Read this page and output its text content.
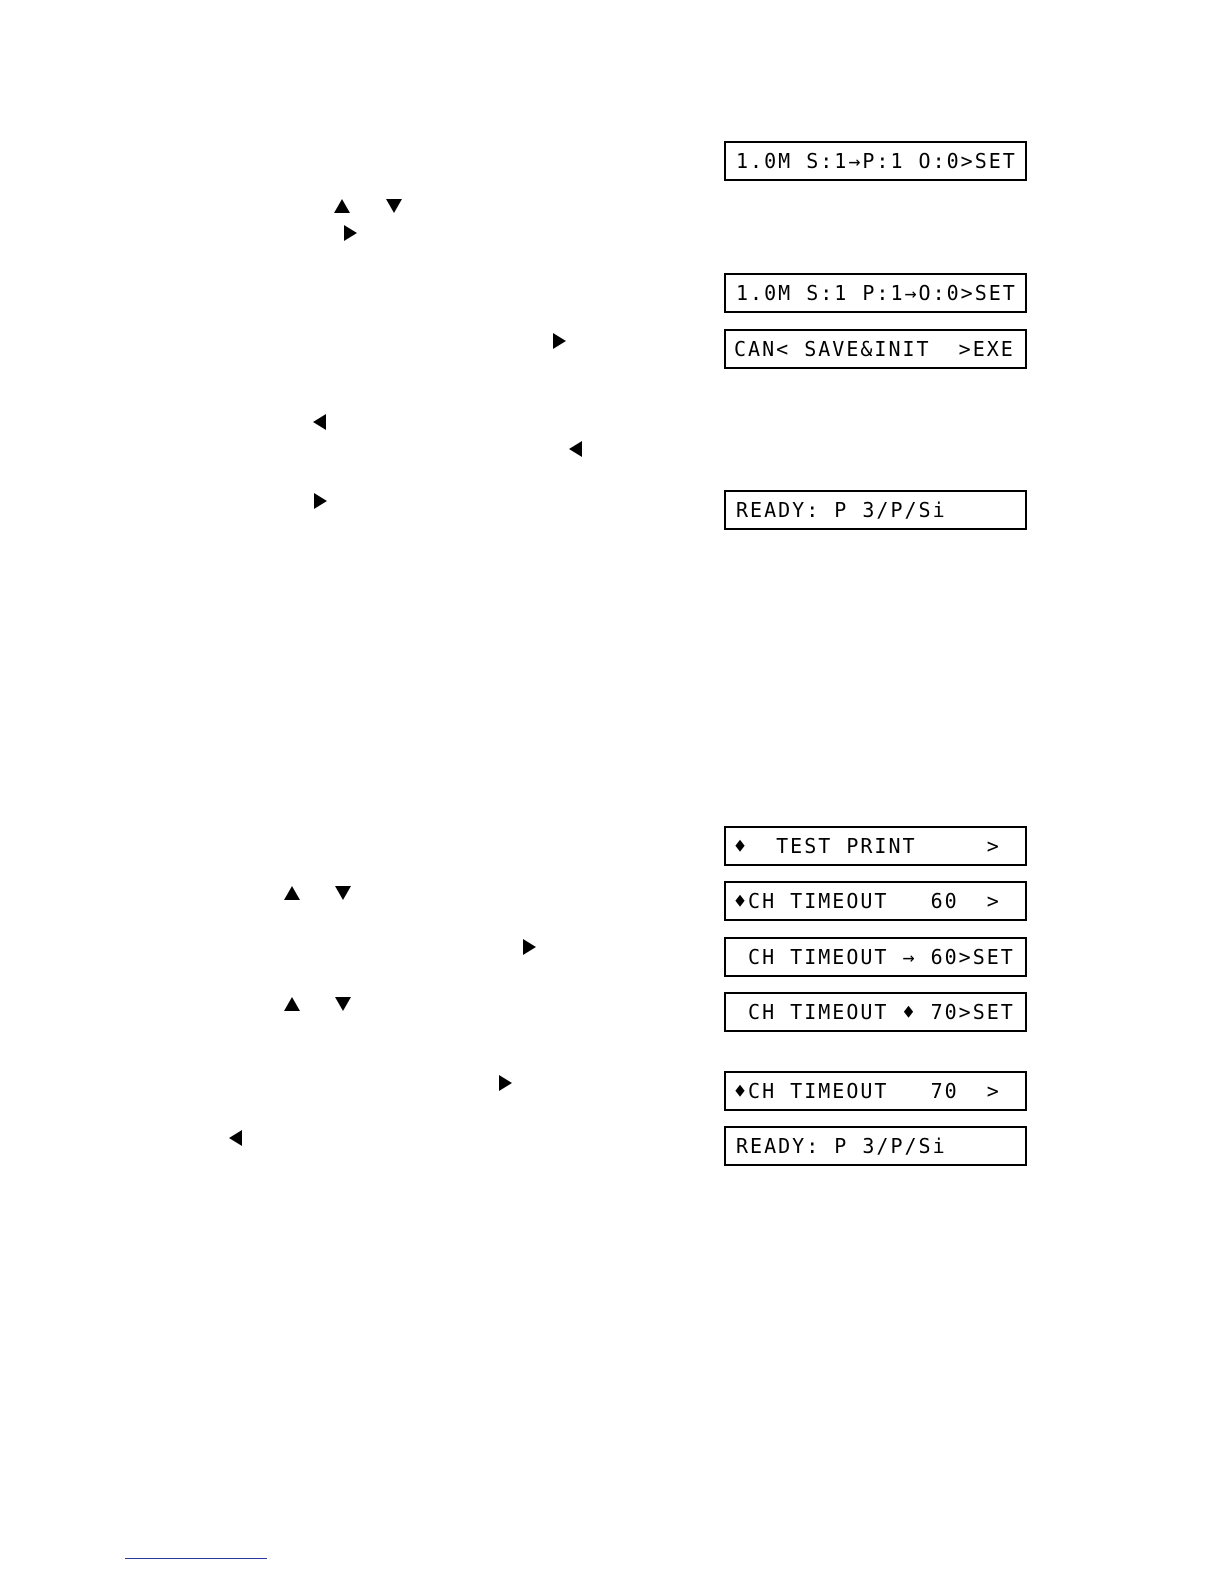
1.0M S:1→P:1 O:0>SET
1.0M S:1 P:1→O:0>SET
CAN< SAVE&INIT  >EXE
READY: P 3/P/Si
♦  TEST PRINT     >
♦CH TIMEOUT   60  >
CH TIMEOUT → 60>SET
CH TIMEOUT ♦ 70>SET
♦CH TIMEOUT   70  >
READY: P 3/P/Si
